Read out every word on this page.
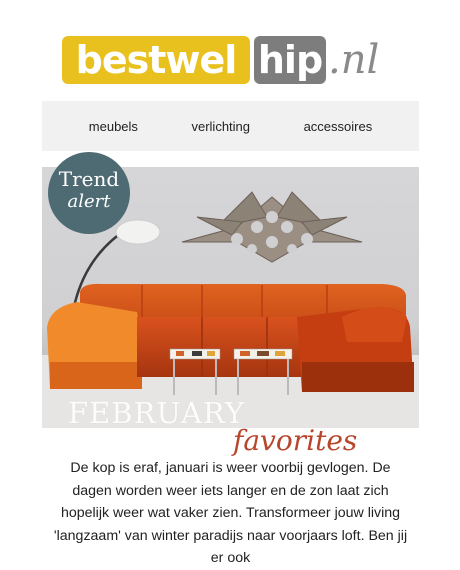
bestwel hip .nl
meubels	verlichting	accessoires
Trend
alert
FEBRUARY
favorites

De kop is eraf, januari is weer voorbij gevlogen. De dagen worden weer iets langer en de zon laat zich hopelijk weer wat vaker zien. Transformeer jouw living 'langzaam' van winter paradijs naar voorjaars loft. Ben jij er ook
